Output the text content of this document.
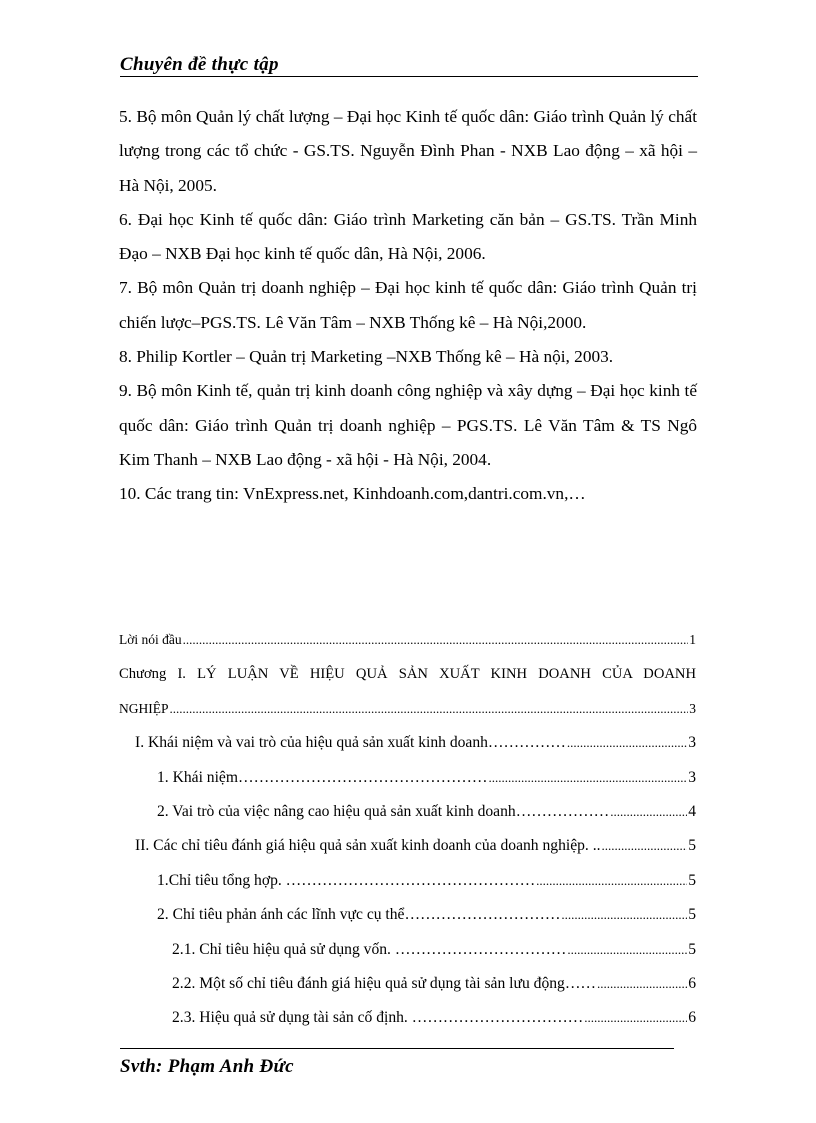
Chuyên đề thực tập

5. Bộ môn Quản lý chất lượng – Đại học Kinh tế quốc dân: Giáo trình Quản lý chất lượng trong các tổ chức - GS.TS. Nguyễn Đình Phan - NXB Lao động – xã hội – Hà Nội, 2005.

6. Đại học Kinh tế quốc dân: Giáo trình Marketing căn bản – GS.TS. Trần Minh Đạo – NXB Đại học kinh tế quốc dân, Hà Nội, 2006.

7. Bộ môn Quản trị doanh nghiệp – Đại học kinh tế quốc dân: Giáo trình Quản trị chiến lược–PGS.TS. Lê Văn Tâm – NXB Thống kê – Hà Nội,2000.

8. Philip Kortler – Quản trị Marketing –NXB Thống kê – Hà nội, 2003.

9. Bộ môn Kinh tế, quản trị kinh doanh công nghiệp và xây dựng – Đại học kinh tế quốc dân: Giáo trình Quản trị doanh nghiệp – PGS.TS. Lê Văn Tâm & TS Ngô Kim Thanh – NXB Lao động - xã hội - Hà Nội, 2004.

10. Các trang tin: VnExpress.net, Kinhdoanh.com,dantri.com.vn,…

Lời nói đầu .....	1
Chương I. LÝ LUẬN VỀ HIỆU QUẢ SẢN XUẤT KINH DOANH CỦA DOANH
NGHIỆP .....	3
I. Khái niệm và vai trò của hiệu quả sản xuất kinh doanh…………… .....	3
1. Khái niệm………………………………………… .....	3
2. Vai trò của việc nâng cao hiệu quả sản xuất kinh doanh……………… .....	4
II. Các chỉ tiêu đánh giá hiệu quả sản xuất kinh doanh của doanh nghiệp. .. .....	5
1.Chỉ tiêu tổng hợp. ………………………………………… .....	5
2. Chỉ tiêu phản ánh các lĩnh vực cụ thể………………………… .....	5
2.1. Chỉ tiêu hiệu quả sử dụng vốn. …………………………… .....	5
2.2. Một số chỉ tiêu đánh giá hiệu quả sử dụng tài sản lưu động…… .....	6
2.3. Hiệu quả sử dụng tài sản cố định. …………………………… .....	6
Svth: Phạm Anh Đức
